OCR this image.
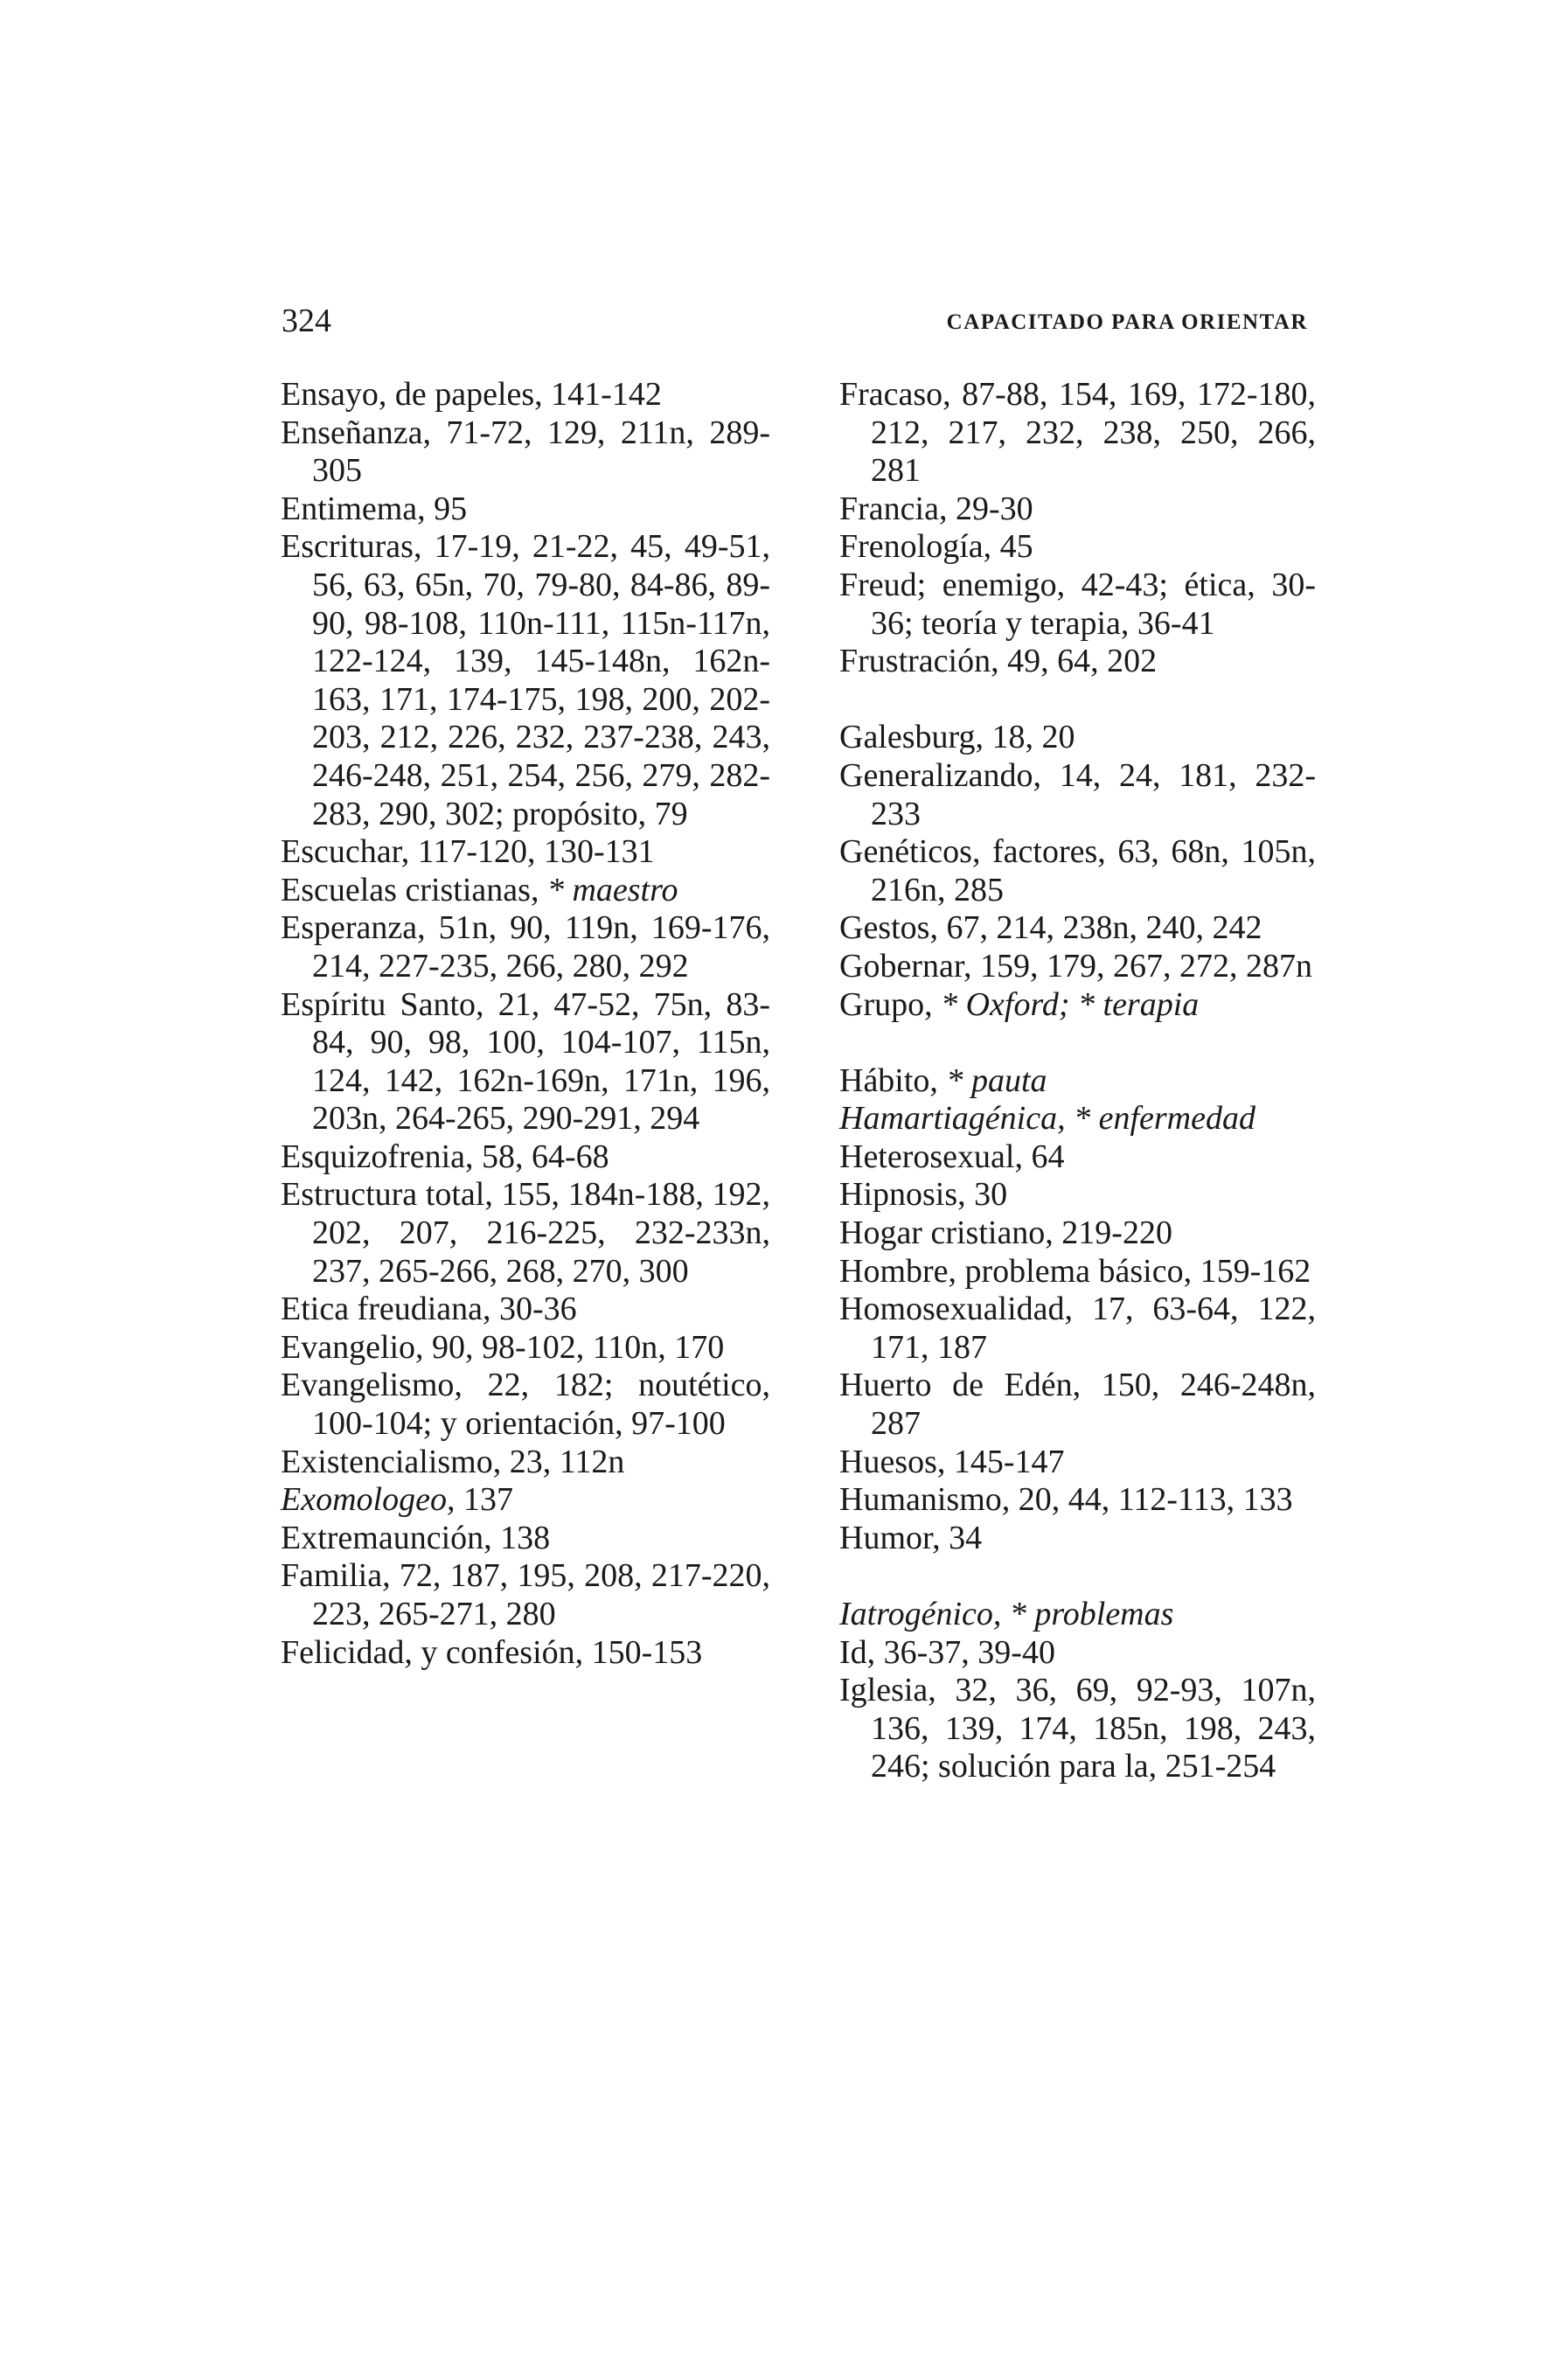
324	CAPACITADO PARA ORIENTAR
Ensayo, de papeles, 141-142
Enseñanza, 71-72, 129, 211n, 289-305
Entimema, 95
Escrituras, 17-19, 21-22, 45, 49-51, 56, 63, 65n, 70, 79-80, 84-86, 89-90, 98-108, 110n-111, 115n-117n, 122-124, 139, 145-148n, 162n-163, 171, 174-175, 198, 200, 202-203, 212, 226, 232, 237-238, 243, 246-248, 251, 254, 256, 279, 282-283, 290, 302; propósito, 79
Escuchar, 117-120, 130-131
Escuelas cristianas, * maestro
Esperanza, 51n, 90, 119n, 169-176, 214, 227-235, 266, 280, 292
Espíritu Santo, 21, 47-52, 75n, 83-84, 90, 98, 100, 104-107, 115n, 124, 142, 162n-169n, 171n, 196, 203n, 264-265, 290-291, 294
Esquizofrenia, 58, 64-68
Estructura total, 155, 184n-188, 192, 202, 207, 216-225, 232-233n, 237, 265-266, 268, 270, 300
Etica freudiana, 30-36
Evangelio, 90, 98-102, 110n, 170
Evangelismo, 22, 182; noutético, 100-104; y orientación, 97-100
Existencialismo, 23, 112n
Exomologeo, 137
Extremaunción, 138
Familia, 72, 187, 195, 208, 217-220, 223, 265-271, 280
Felicidad, y confesión, 150-153
Fracaso, 87-88, 154, 169, 172-180, 212, 217, 232, 238, 250, 266, 281
Francia, 29-30
Frenología, 45
Freud; enemigo, 42-43; ética, 30-36; teoría y terapia, 36-41
Frustración, 49, 64, 202
Galesburg, 18, 20
Generalizando, 14, 24, 181, 232-233
Genéticos, factores, 63, 68n, 105n, 216n, 285
Gestos, 67, 214, 238n, 240, 242
Gobernar, 159, 179, 267, 272, 287n
Grupo, * Oxford; * terapia
Hábito, * pauta
Hamartiagénica, * enfermedad
Heterosexual, 64
Hipnosis, 30
Hogar cristiano, 219-220
Hombre, problema básico, 159-162
Homosexualidad, 17, 63-64, 122, 171, 187
Huerto de Edén, 150, 246-248n, 287
Huesos, 145-147
Humanismo, 20, 44, 112-113, 133
Humor, 34
Iatrogénico, * problemas
Id, 36-37, 39-40
Iglesia, 32, 36, 69, 92-93, 107n, 136, 139, 174, 185n, 198, 243, 246; solución para la, 251-254
